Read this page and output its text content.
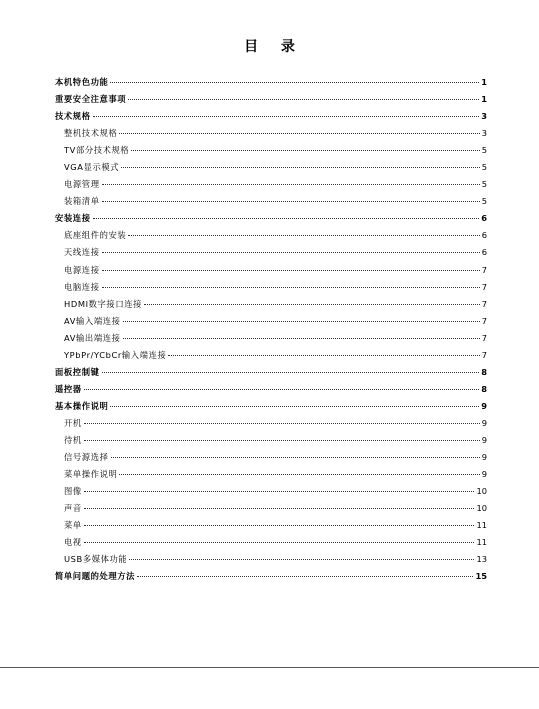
目 录
本机特色功能	1
重要安全注意事项	1
技术规格	3
整机技术规格	3
TV部分技术规格	5
VGA显示模式	5
电源管理	5
装箱清单	5
安装连接	6
底座组件的安装	6
天线连接	6
电源连接	7
电脑连接	7
HDMI数字接口连接	7
AV输入端连接	7
AV输出端连接	7
YPbPr/YCbCr输入端连接	7
面板控制键	8
遥控器	8
基本操作说明	9
开机	9
待机	9
信号源选择	9
菜单操作说明	9
图像	10
声音	10
菜单	11
电视	11
USB多媒体功能	13
简单问题的处理方法	15
